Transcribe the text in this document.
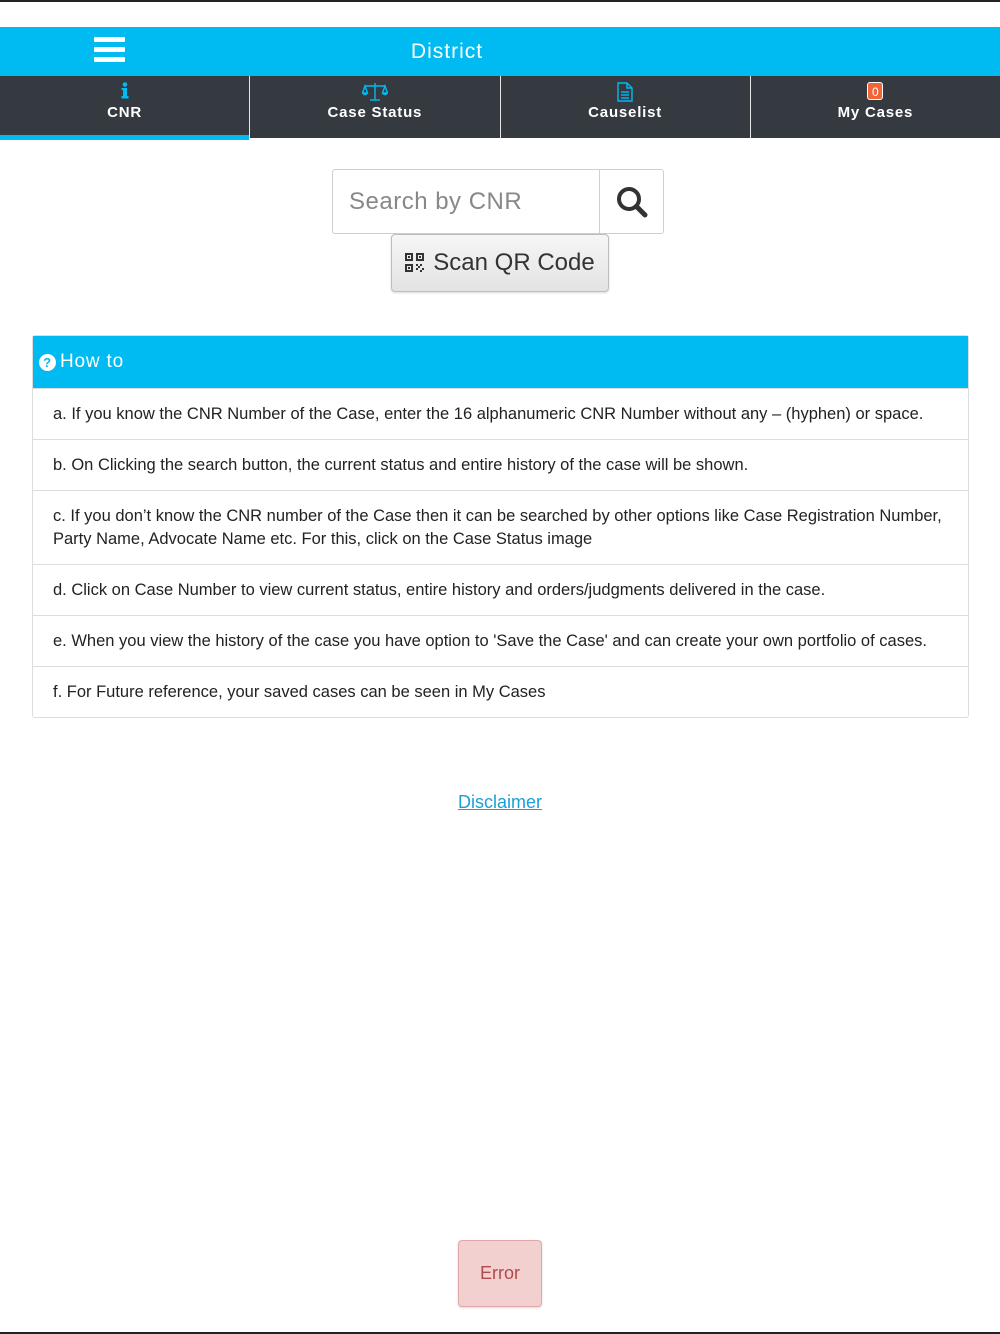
District
CNR	Case Status	Causelist
0
My Cases
Search by CNR
Scan QR Code
? How to
a. If you know the CNR Number of the Case, enter the 16 alphanumeric CNR Number without any – (hyphen) or space.
b. On Clicking the search button, the current status and entire history of the case will be shown.
c. If you don’t know the CNR number of the Case then it can be searched by other options like Case Registration Number, Party Name, Advocate Name etc. For this, click on the Case Status image
d. Click on Case Number to view current status, entire history and orders/judgments delivered in the case.
e. When you view the history of the case you have option to 'Save the Case' and can create your own portfolio of cases.
f. For Future reference, your saved cases can be seen in My Cases
Disclaimer
Error
